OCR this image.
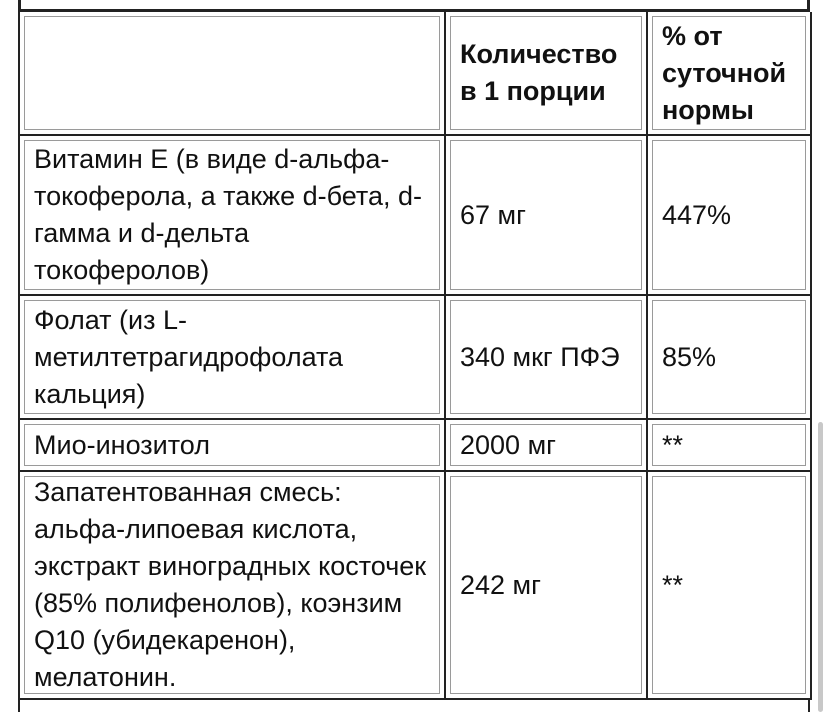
	Количество в 1 порции	% от суточной нормы
Витамин E (в виде d-альфа-токоферола, а также d-бета, d-гамма и d-дельта токоферолов)	67 мг	447%
Фолат (из L-метилтетрагидрофолата кальция)	340 мкг ПФЭ	85%
Мио-инозитол	2000 мг	**
Запатентованная смесь: альфа-липоевая кислота, экстракт виноградных косточек (85% полифенолов), коэнзим Q10 (убидекаренон), мелатонин.	242 мг	**
